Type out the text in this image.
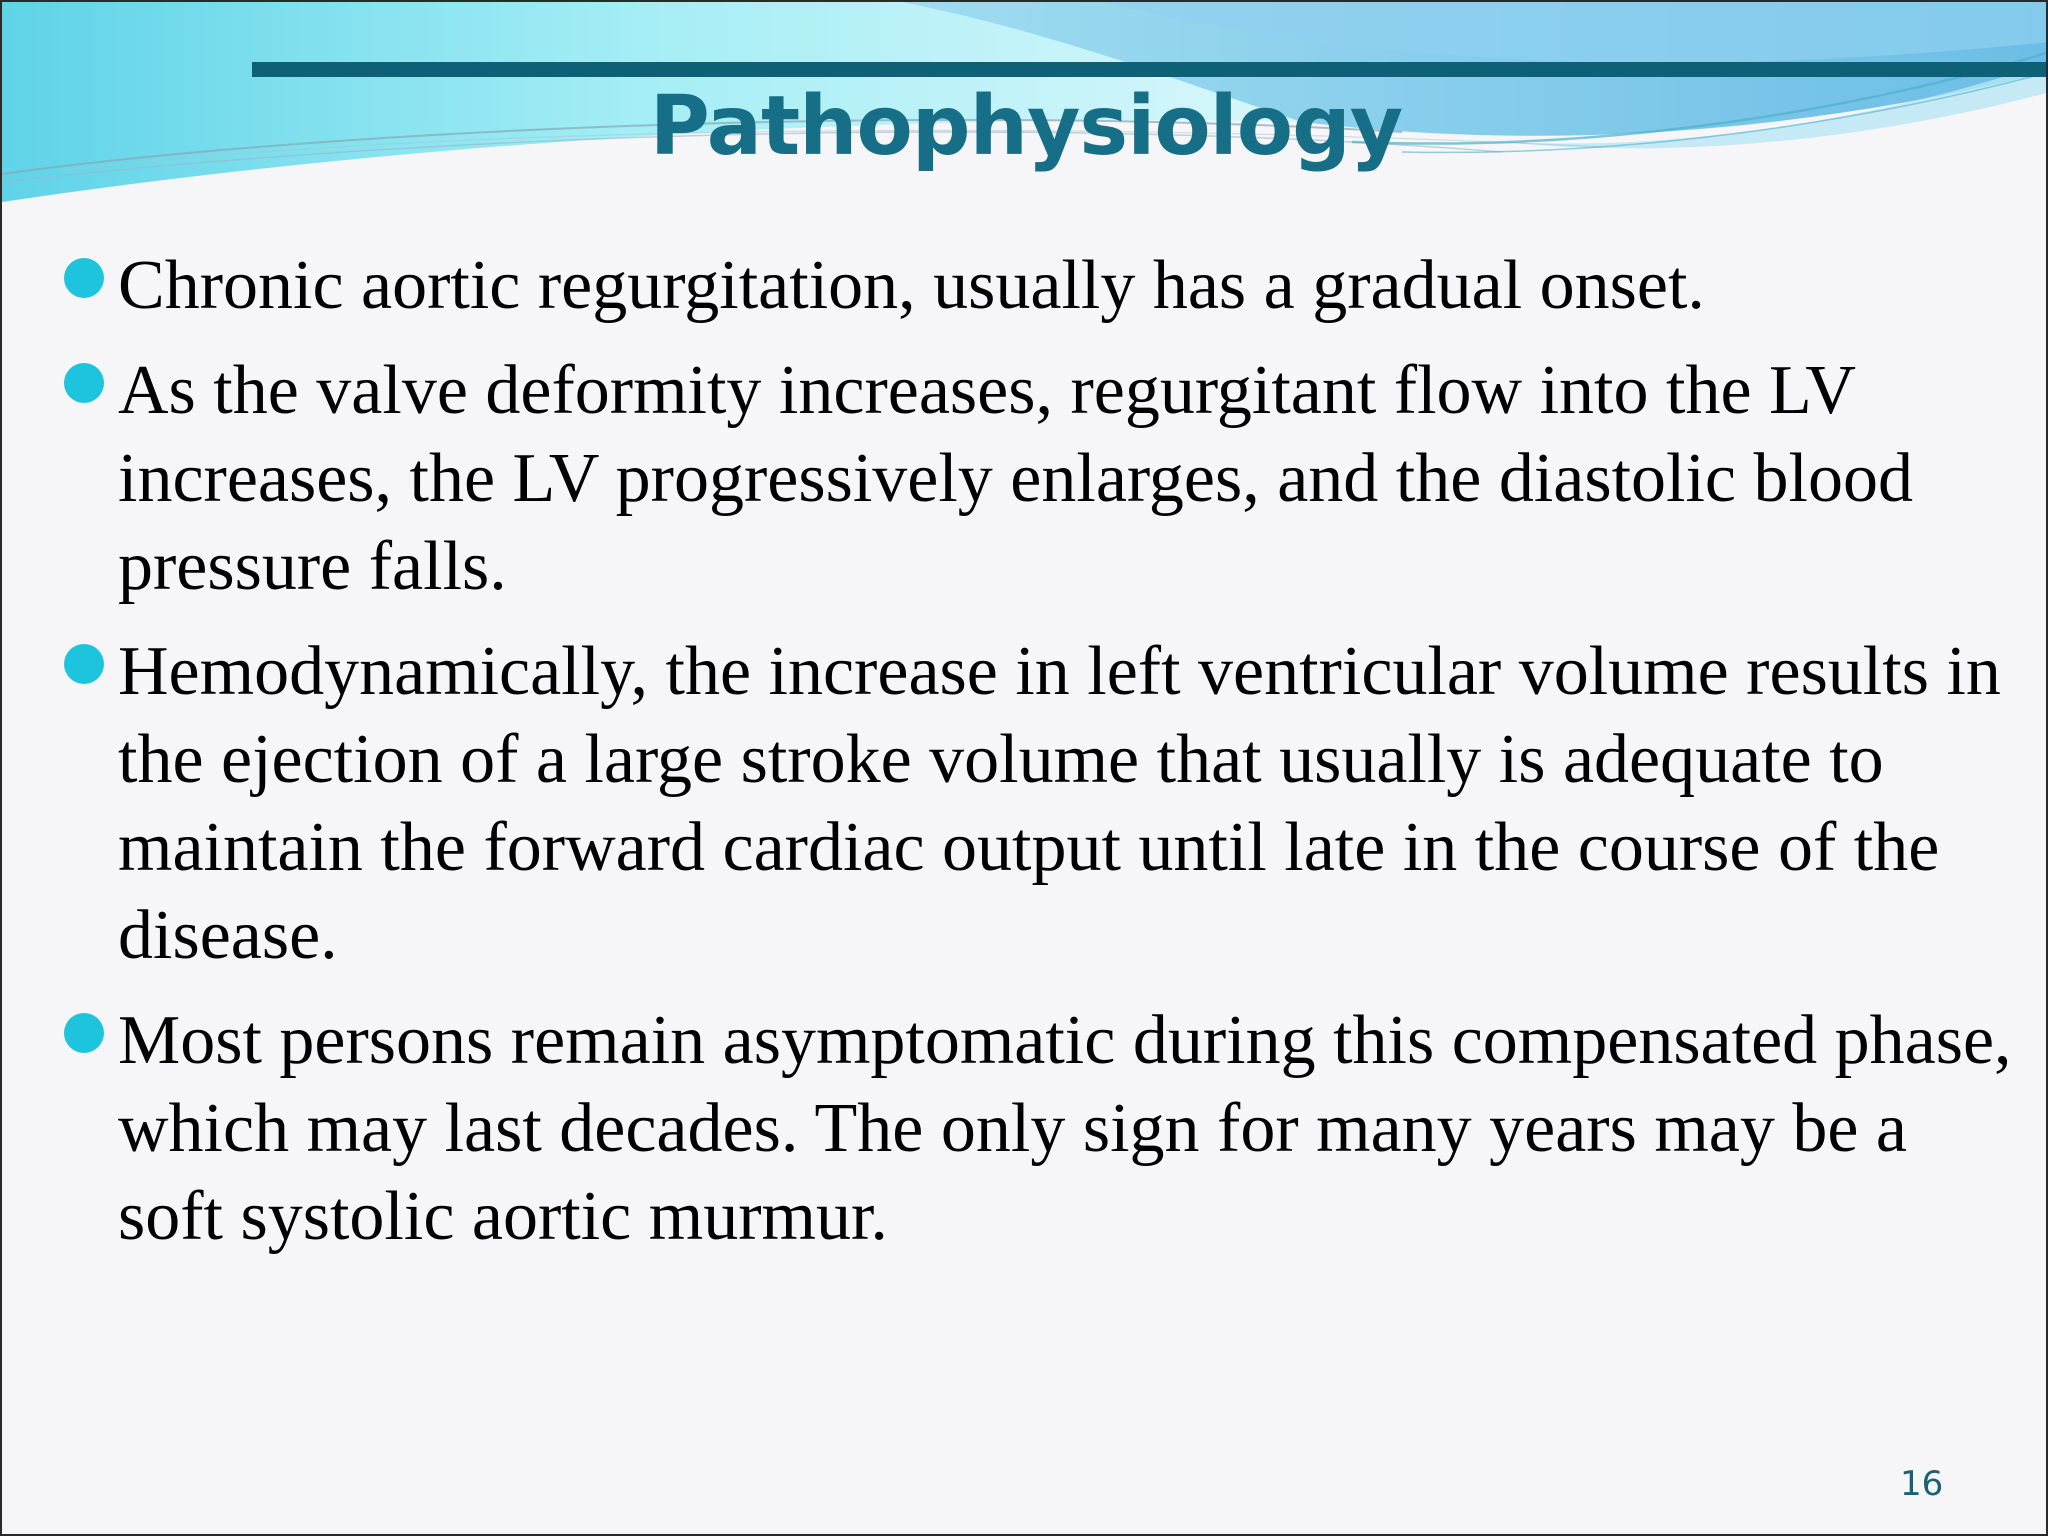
Pathophysiology
Chronic aortic regurgitation, usually has a gradual onset.
As the valve deformity increases, regurgitant flow into the LV increases, the LV progressively enlarges, and the diastolic blood pressure falls.
Hemodynamically, the increase in left ventricular volume results in the ejection of a large stroke volume that usually is adequate to maintain the forward cardiac output until late in the course of the disease.
Most persons remain asymptomatic during this compensated phase, which may last decades. The only sign for many years may be a soft systolic aortic murmur.
16
